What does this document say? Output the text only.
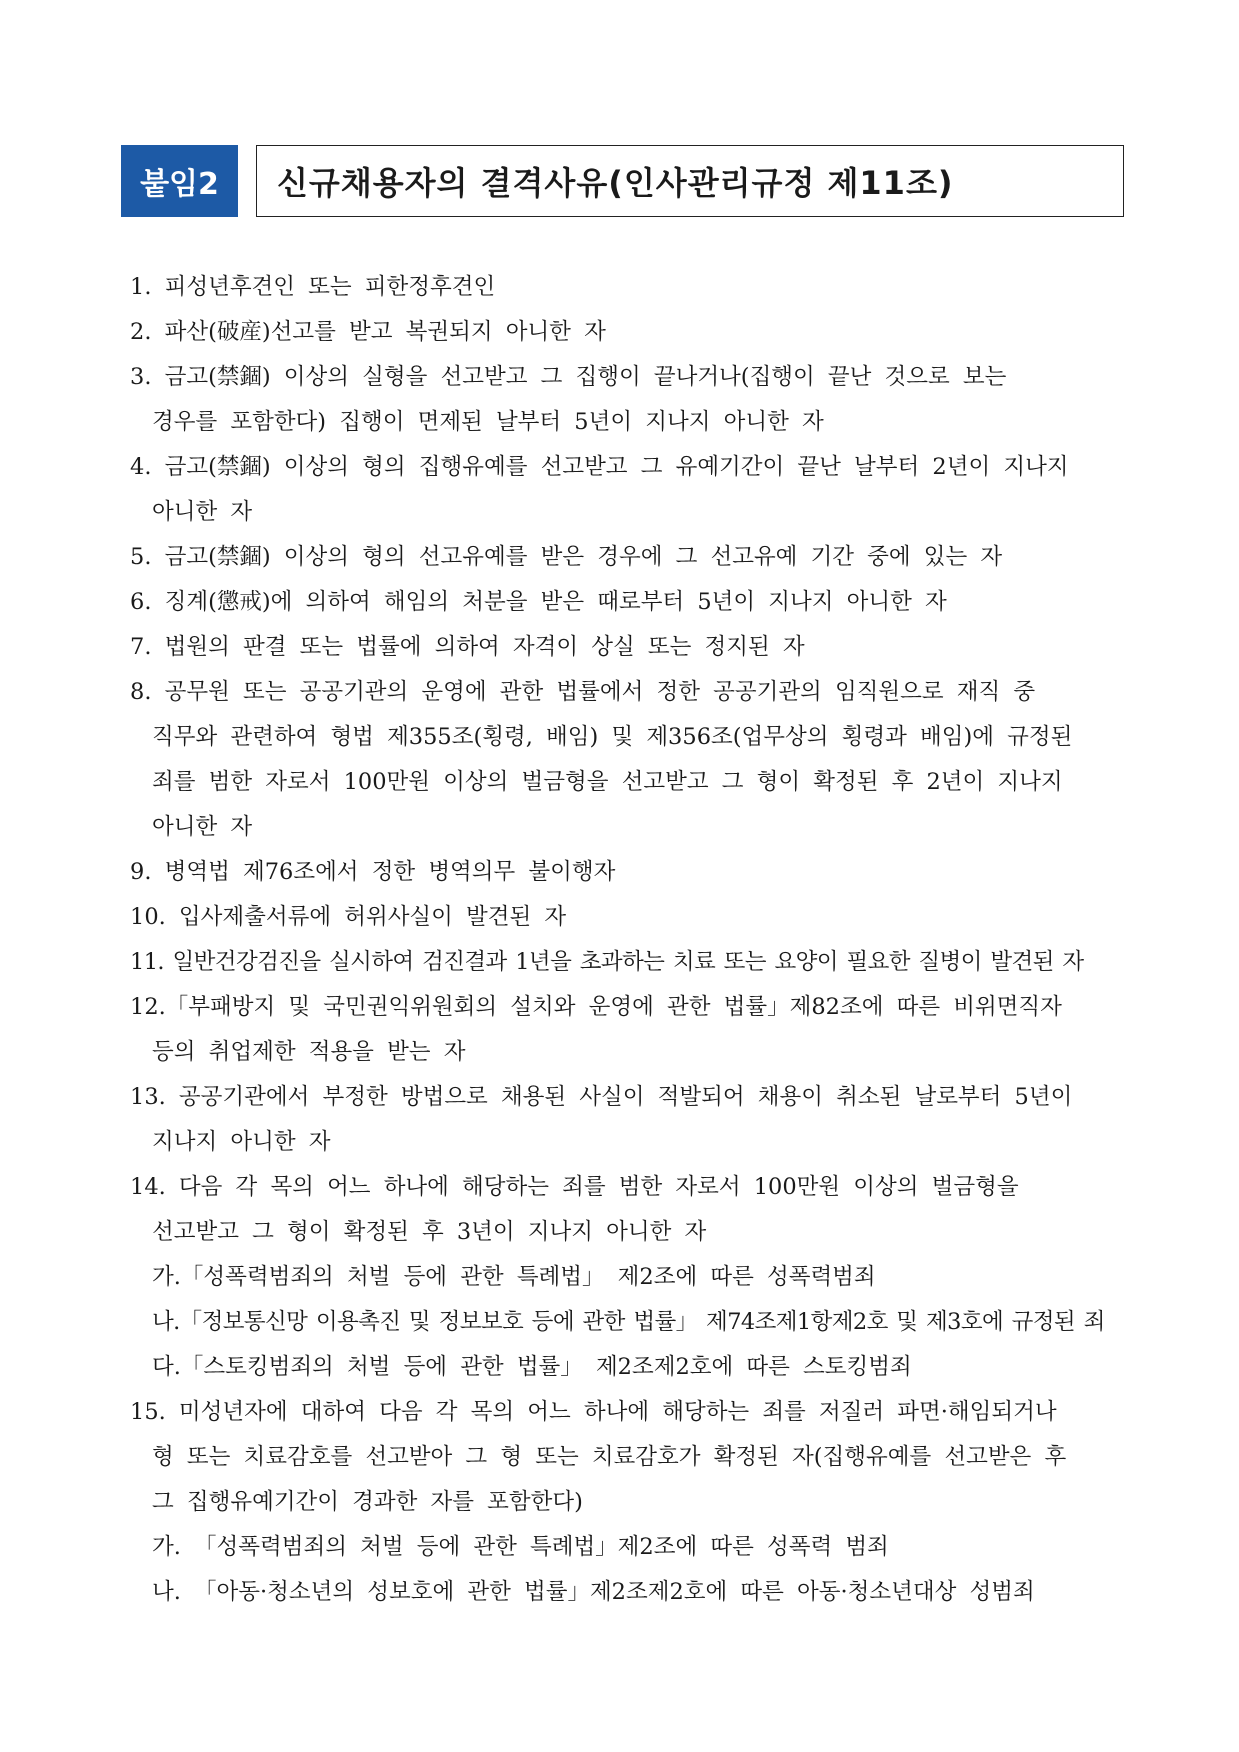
붙임2	신규채용자의 결격사유(인사관리규정 제11조)
1. 피성년후견인 또는 피한정후견인
2. 파산(破産)선고를 받고 복권되지 아니한 자
3. 금고(禁錮) 이상의 실형을 선고받고 그 집행이 끝나거나(집행이 끝난 것으로 보는
경우를 포함한다) 집행이 면제된 날부터 5년이 지나지 아니한 자
4. 금고(禁錮) 이상의 형의 집행유예를 선고받고 그 유예기간이 끝난 날부터 2년이 지나지
아니한 자
5. 금고(禁錮) 이상의 형의 선고유예를 받은 경우에 그 선고유예 기간 중에 있는 자
6. 징계(懲戒)에 의하여 해임의 처분을 받은 때로부터 5년이 지나지 아니한 자
7. 법원의 판결 또는 법률에 의하여 자격이 상실 또는 정지된 자
8. 공무원 또는 공공기관의 운영에 관한 법률에서 정한 공공기관의 임직원으로 재직 중
직무와 관련하여 형법 제355조(횡령, 배임) 및 제356조(업무상의 횡령과 배임)에 규정된
죄를 범한 자로서 100만원 이상의 벌금형을 선고받고 그 형이 확정된 후 2년이 지나지
아니한 자
9. 병역법 제76조에서 정한 병역의무 불이행자
10. 입사제출서류에 허위사실이 발견된 자
11. 일반건강검진을 실시하여 검진결과 1년을 초과하는 치료 또는 요양이 필요한 질병이 발견된 자
12.「부패방지 및 국민권익위원회의 설치와 운영에 관한 법률」제82조에 따른 비위면직자
등의 취업제한 적용을 받는 자
13. 공공기관에서 부정한 방법으로 채용된 사실이 적발되어 채용이 취소된 날로부터 5년이
지나지 아니한 자
14. 다음 각 목의 어느 하나에 해당하는 죄를 범한 자로서 100만원 이상의 벌금형을
선고받고 그 형이 확정된 후 3년이 지나지 아니한 자
가.「성폭력범죄의 처벌 등에 관한 특례법」 제2조에 따른 성폭력범죄
나.「정보통신망 이용촉진 및 정보보호 등에 관한 법률」 제74조제1항제2호 및 제3호에 규정된 죄
다.「스토킹범죄의 처벌 등에 관한 법률」 제2조제2호에 따른 스토킹범죄
15. 미성년자에 대하여 다음 각 목의 어느 하나에 해당하는 죄를 저질러 파면·해임되거나
형 또는 치료감호를 선고받아 그 형 또는 치료감호가 확정된 자(집행유예를 선고받은 후
그 집행유예기간이 경과한 자를 포함한다)
가. 「성폭력범죄의 처벌 등에 관한 특례법」제2조에 따른 성폭력 범죄
나. 「아동·청소년의 성보호에 관한 법률」제2조제2호에 따른 아동·청소년대상 성범죄
